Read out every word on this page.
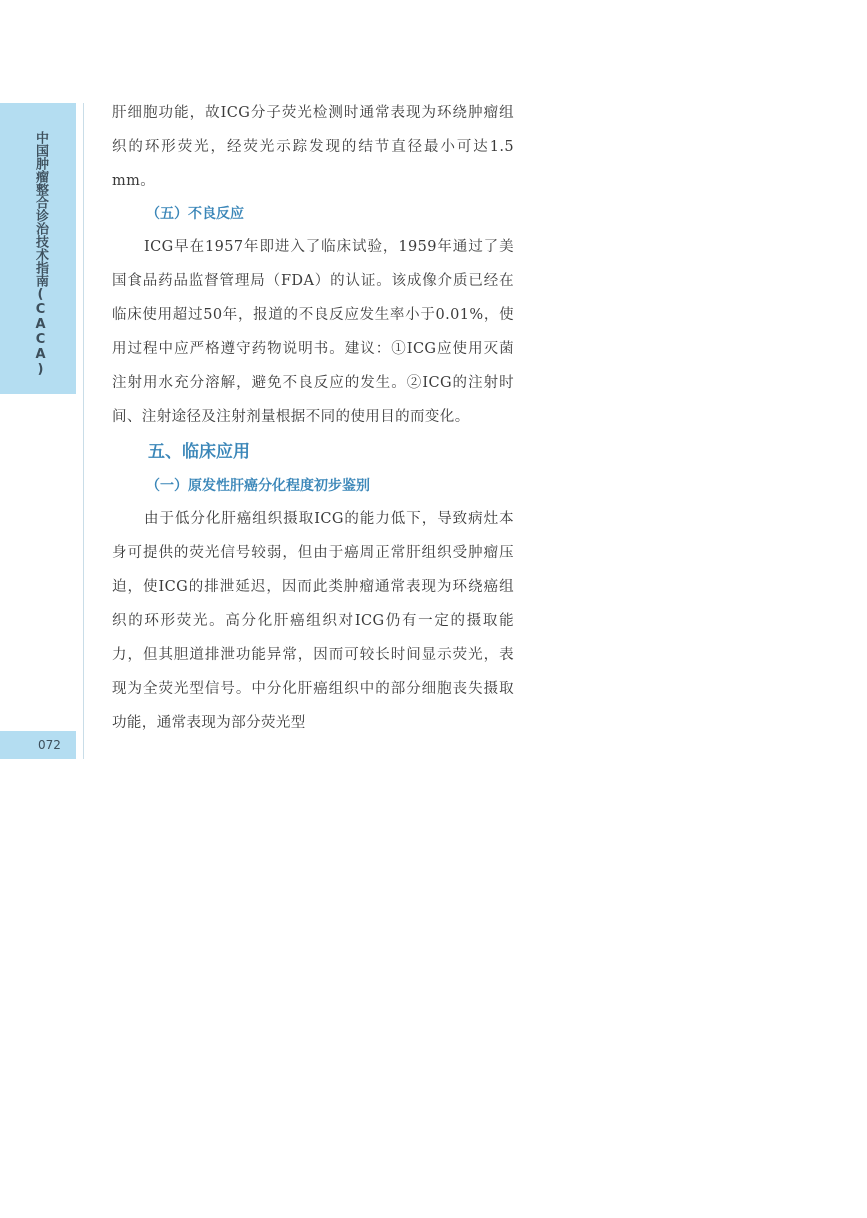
中国肿瘤整合诊治技术指南(CACA)
072

肝细胞功能，故ICG分子荧光检测时通常表现为环绕肿瘤组织的环形荧光，经荧光示踪发现的结节直径最小可达1.5 mm。

（五）不良反应

ICG早在1957年即进入了临床试验，1959年通过了美国食品药品监督管理局（FDA）的认证。该成像介质已经在临床使用超过50年，报道的不良反应发生率小于0.01%，使用过程中应严格遵守药物说明书。建议：①ICG应使用灭菌注射用水充分溶解，避免不良反应的发生。②ICG的注射时间、注射途径及注射剂量根据不同的使用目的而变化。

五、临床应用

（一）原发性肝癌分化程度初步鉴别

由于低分化肝癌组织摄取ICG的能力低下，导致病灶本身可提供的荧光信号较弱，但由于癌周正常肝组织受肿瘤压迫，使ICG的排泄延迟，因而此类肿瘤通常表现为环绕癌组织的环形荧光。高分化肝癌组织对ICG仍有一定的摄取能力，但其胆道排泄功能异常，因而可较长时间显示荧光，表现为全荧光型信号。中分化肝癌组织中的部分细胞丧失摄取功能，通常表现为部分荧光型
